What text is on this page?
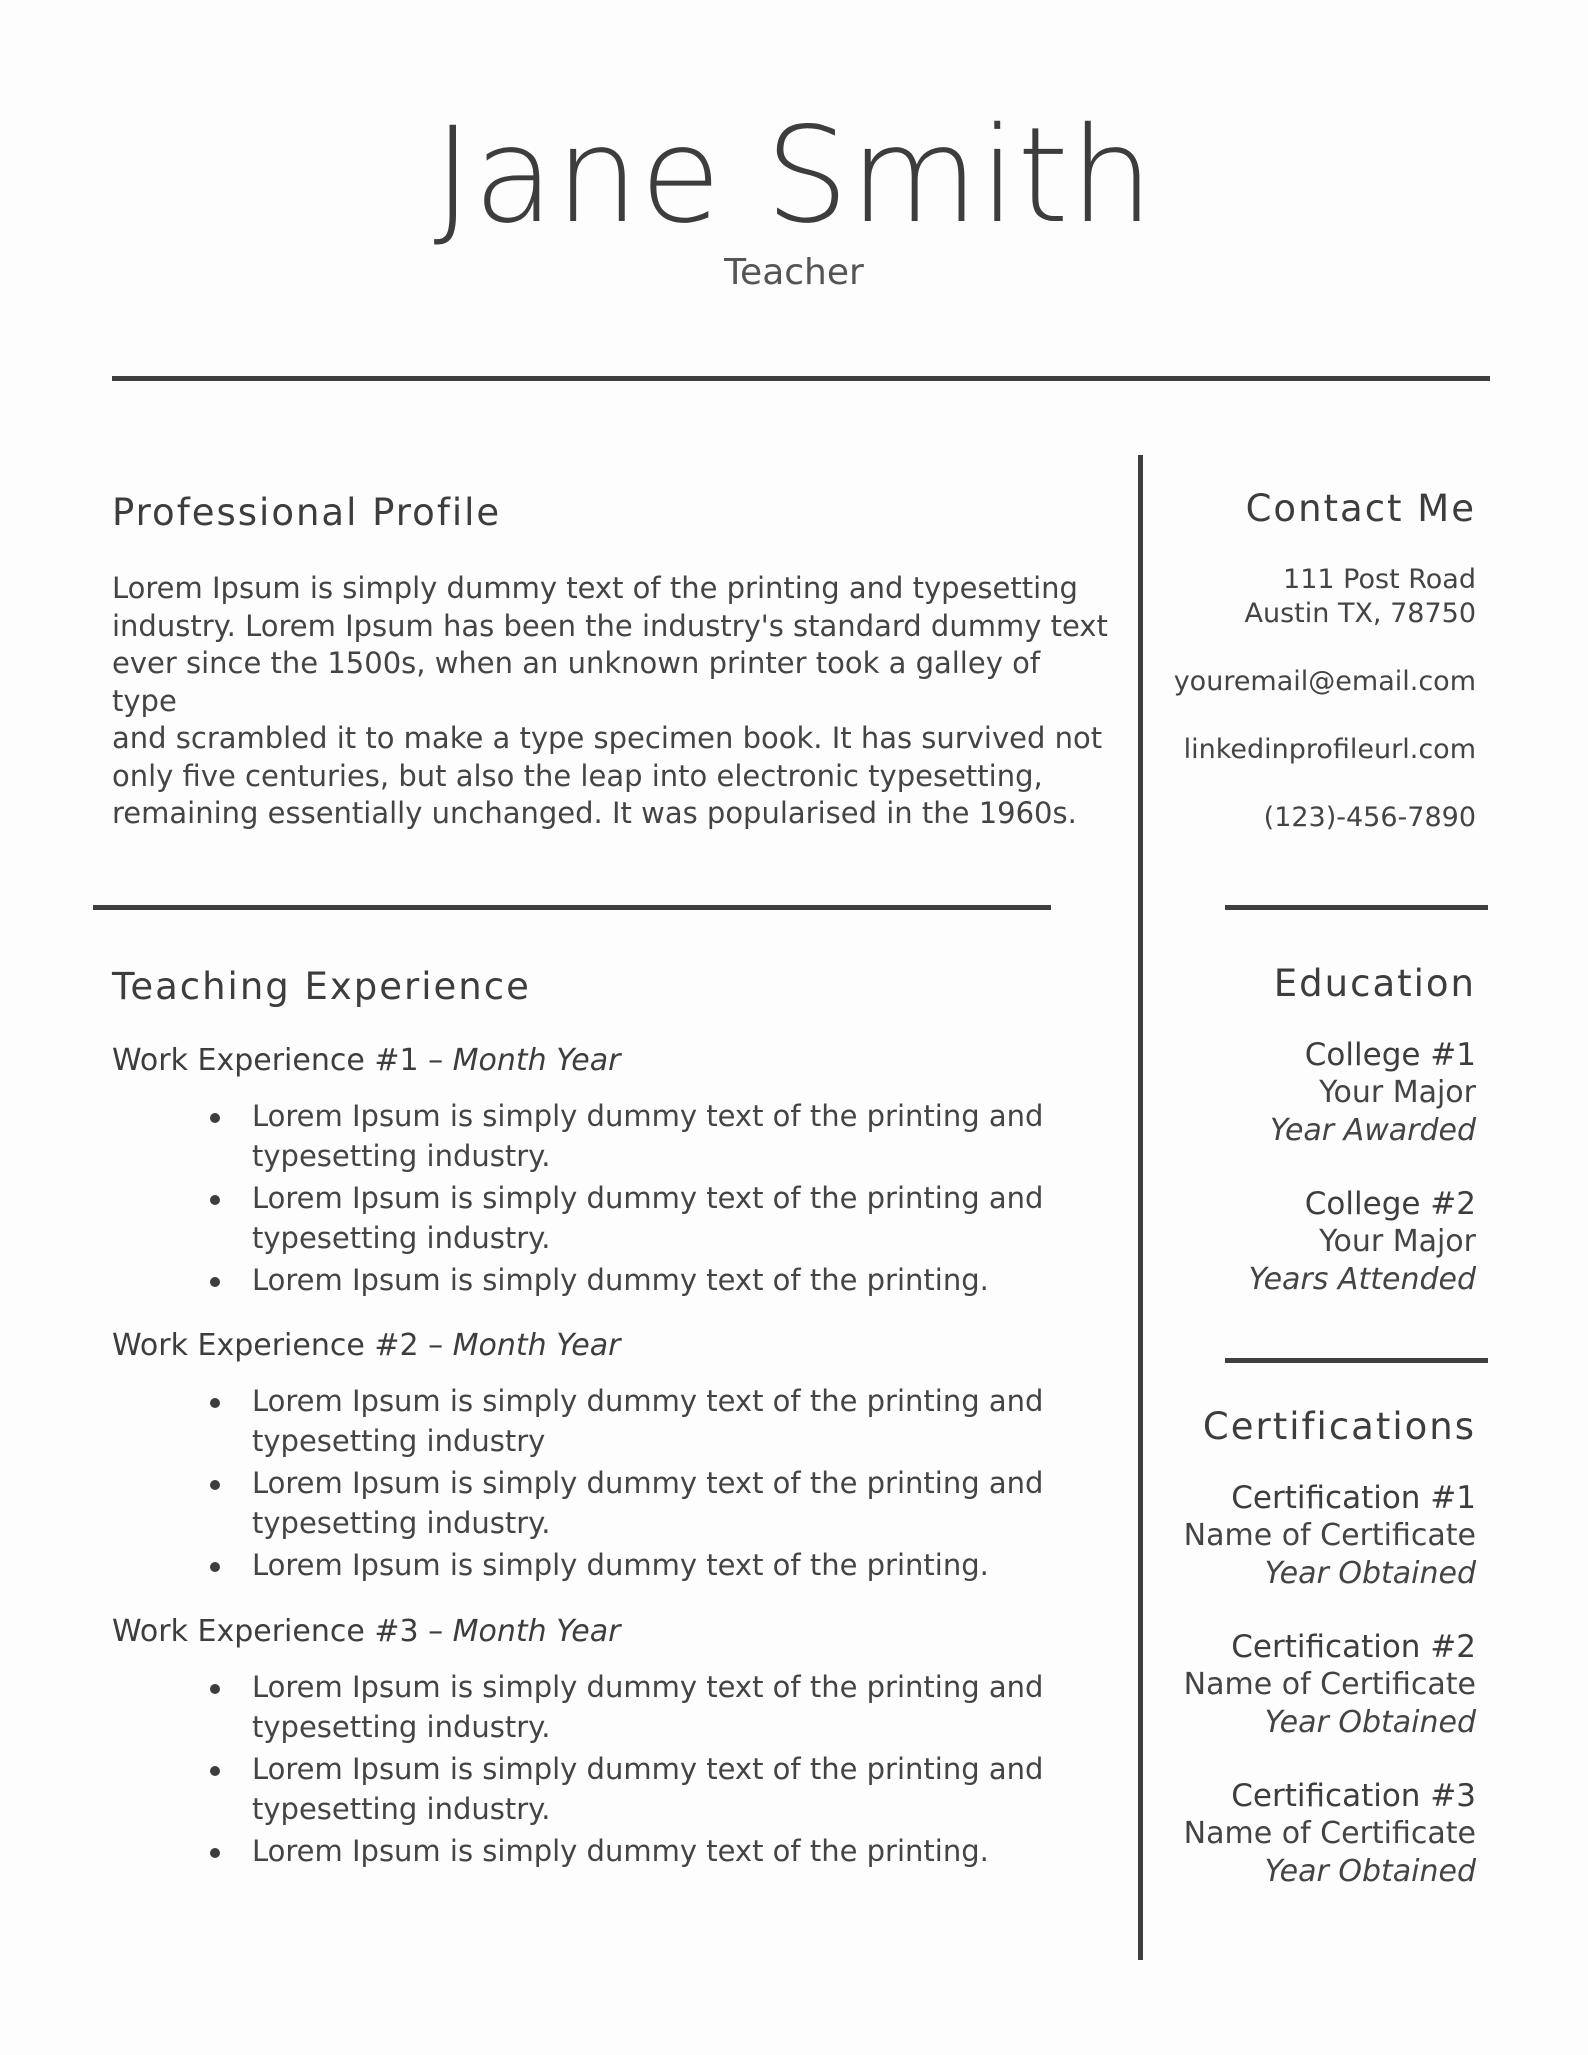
Jane Smith
Teacher
Professional Profile
Lorem Ipsum is simply dummy text of the printing and typesetting
industry. Lorem Ipsum has been the industry's standard dummy text
ever since the 1500s, when an unknown printer took a galley of type
and scrambled it to make a type specimen book. It has survived not
only five centuries, but also the leap into electronic typesetting,
remaining essentially unchanged. It was popularised in the 1960s.
Teaching Experience
Work Experience #1 – Month Year
Lorem Ipsum is simply dummy text of the printing and
typesetting industry.
Lorem Ipsum is simply dummy text of the printing and
typesetting industry.
Lorem Ipsum is simply dummy text of the printing.
Work Experience #2 – Month Year
Lorem Ipsum is simply dummy text of the printing and
typesetting industry
Lorem Ipsum is simply dummy text of the printing and
typesetting industry.
Lorem Ipsum is simply dummy text of the printing.
Work Experience #3 – Month Year
Lorem Ipsum is simply dummy text of the printing and
typesetting industry.
Lorem Ipsum is simply dummy text of the printing and
typesetting industry.
Lorem Ipsum is simply dummy text of the printing.
Contact Me
111 Post Road
Austin TX, 78750
youremail@email.com
linkedinprofileurl.com
(123)-456-7890
Education
College #1
Your Major
Year Awarded
College #2
Your Major
Years Attended
Certifications
Certification #1
Name of Certificate
Year Obtained
Certification #2
Name of Certificate
Year Obtained
Certification #3
Name of Certificate
Year Obtained
